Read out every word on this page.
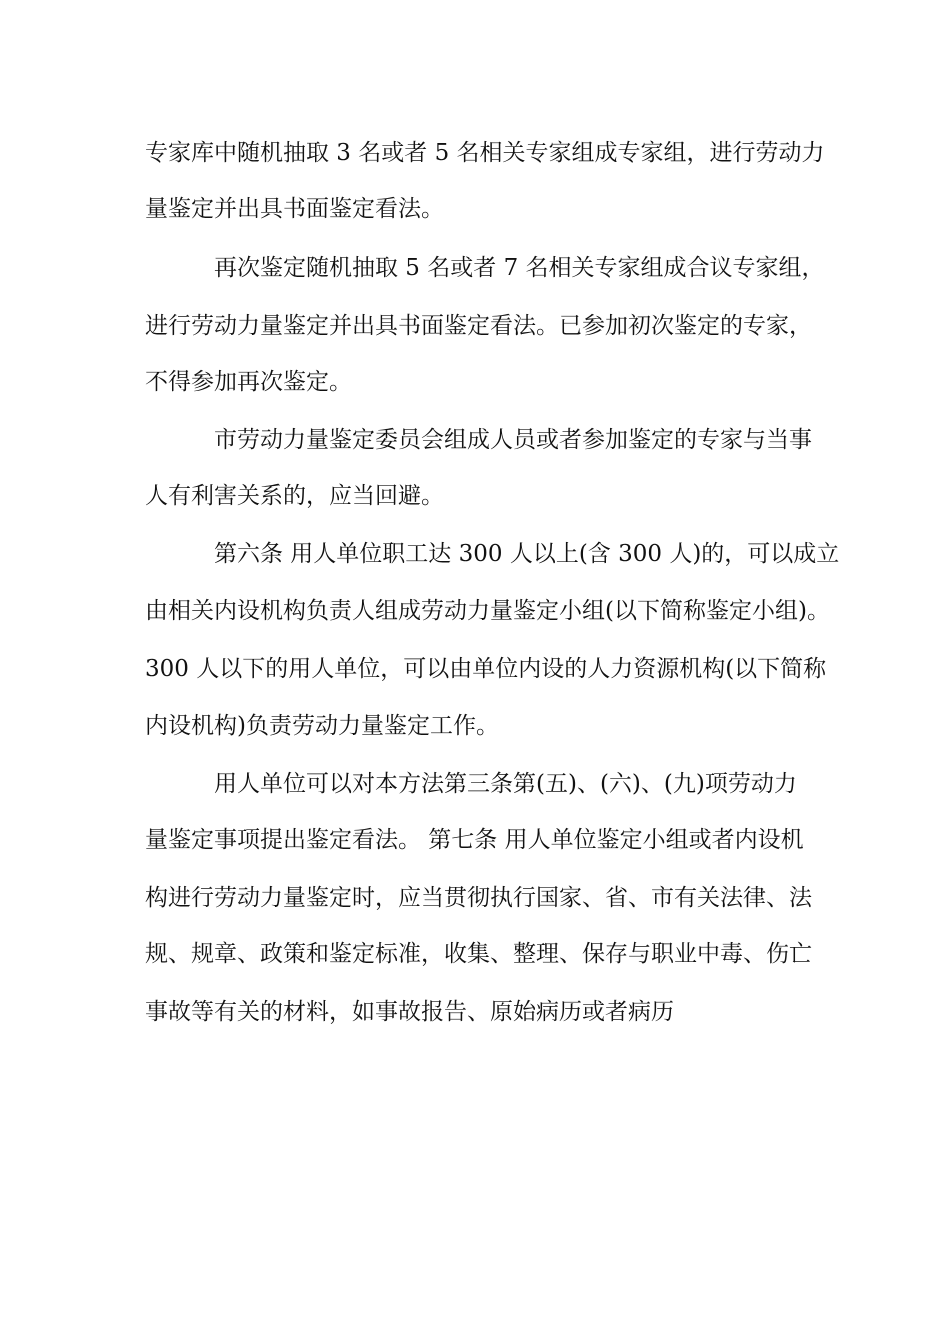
专家库中随机抽取 3 名或者 5 名相关专家组成专家组，进行劳动力
量鉴定并出具书面鉴定看法。
再次鉴定随机抽取 5 名或者 7 名相关专家组成合议专家组，
进行劳动力量鉴定并出具书面鉴定看法。已参加初次鉴定的专家，
不得参加再次鉴定。
市劳动力量鉴定委员会组成人员或者参加鉴定的专家与当事
人有利害关系的，应当回避。
第六条 用人单位职工达 300 人以上(含 300 人)的，可以成立
由相关内设机构负责人组成劳动力量鉴定小组(以下简称鉴定小组)。
300 人以下的用人单位，可以由单位内设的人力资源机构(以下简称
内设机构)负责劳动力量鉴定工作。
用人单位可以对本方法第三条第(五)、(六)、(九)项劳动力
量鉴定事项提出鉴定看法。 第七条 用人单位鉴定小组或者内设机
构进行劳动力量鉴定时，应当贯彻执行国家、省、市有关法律、法
规、规章、政策和鉴定标准，收集、整理、保存与职业中毒、伤亡
事故等有关的材料，如事故报告、原始病历或者病历
